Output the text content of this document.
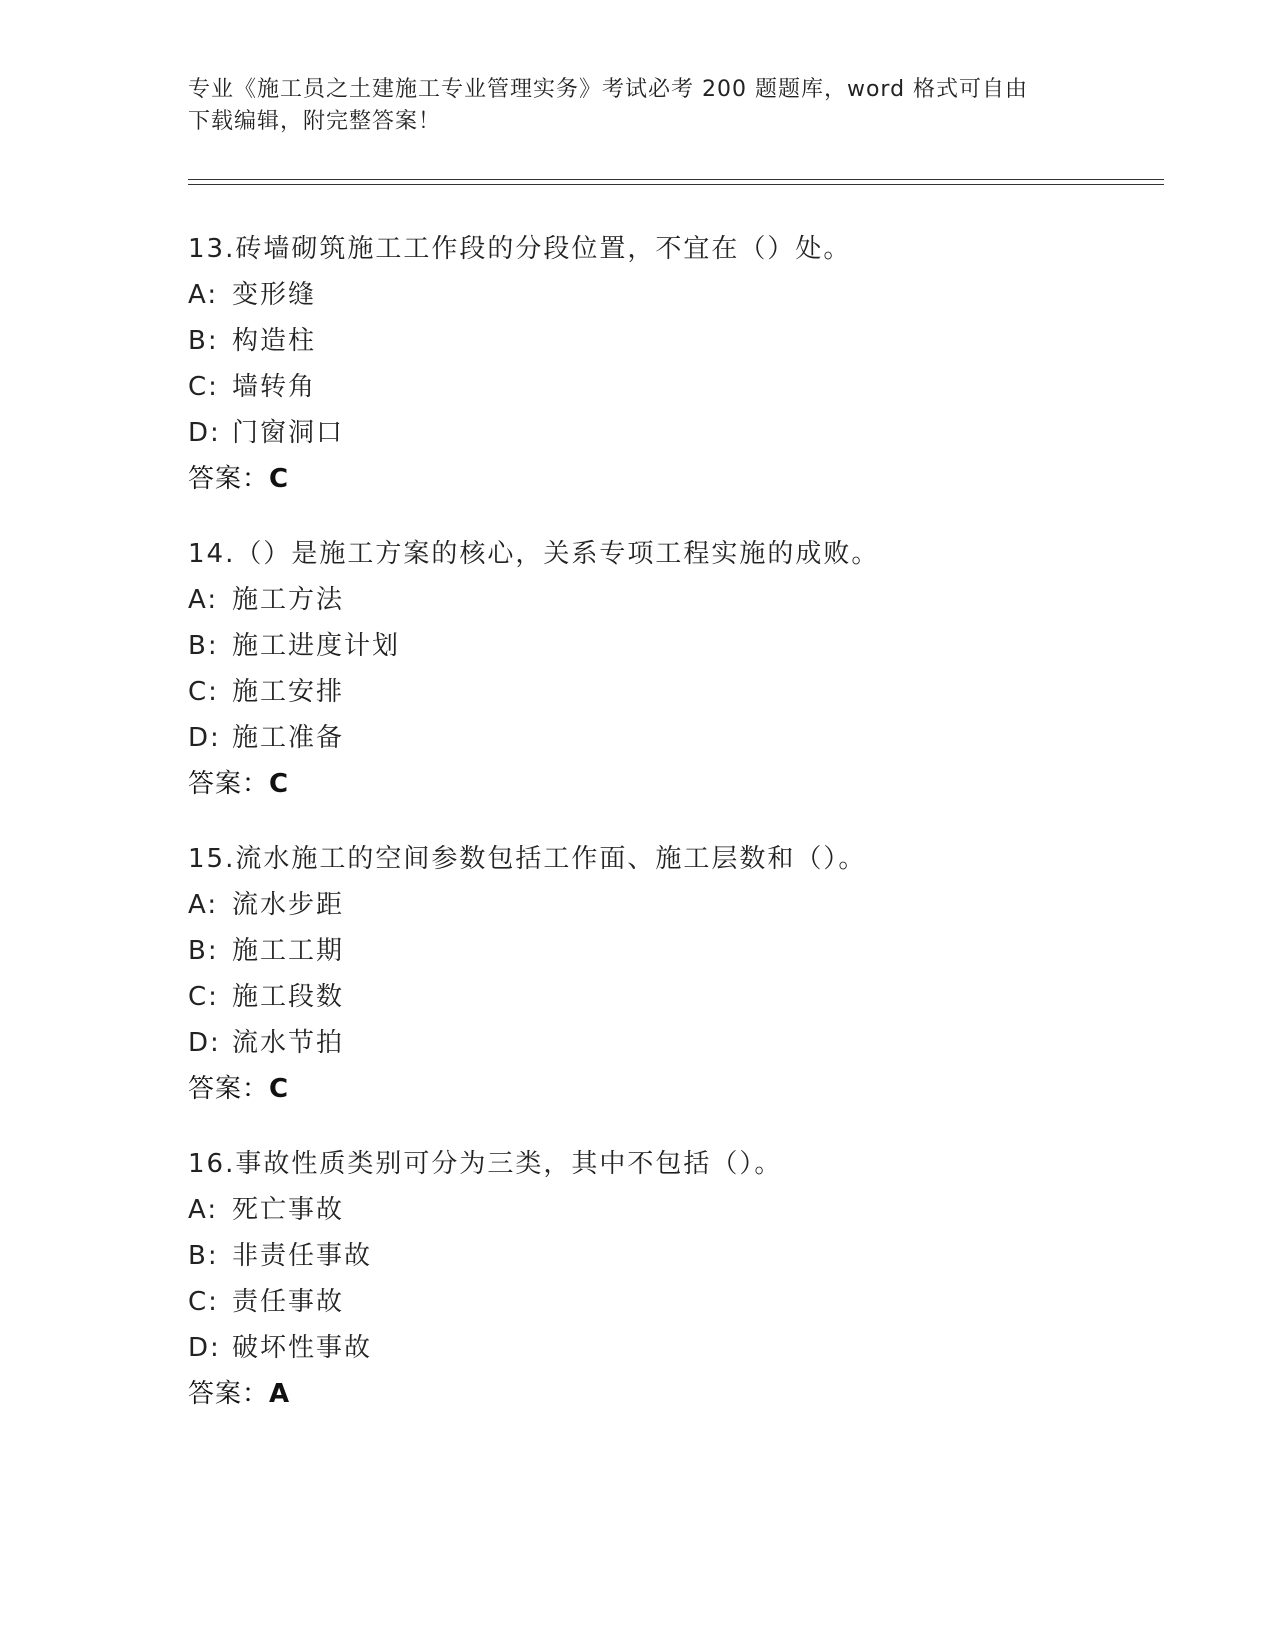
专业《施工员之土建施工专业管理实务》考试必考 200 题题库，word 格式可自由
下载编辑，附完整答案！
13.砖墙砌筑施工工作段的分段位置，不宜在（）处。
A: 变形缝
B: 构造柱
C: 墙转角
D: 门窗洞口
答案：C
14.（）是施工方案的核心，关系专项工程实施的成败。
A: 施工方法
B: 施工进度计划
C: 施工安排
D: 施工准备
答案：C
15.流水施工的空间参数包括工作面、施工层数和（）。
A: 流水步距
B: 施工工期
C: 施工段数
D: 流水节拍
答案：C
16.事故性质类别可分为三类，其中不包括（）。
A: 死亡事故
B: 非责任事故
C: 责任事故
D: 破坏性事故
答案：A
